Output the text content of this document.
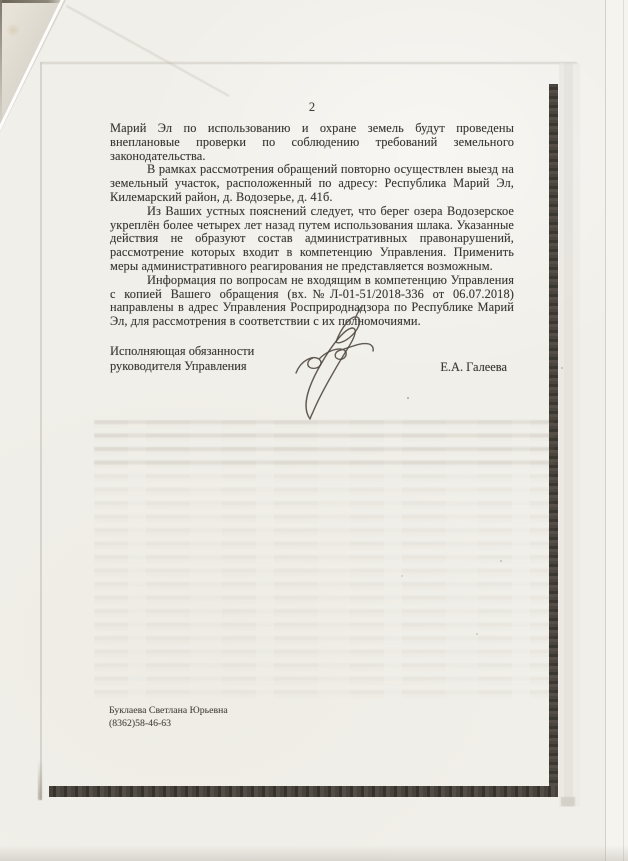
2

Марий Эл по использованию и охране земель будут проведены внеплановые проверки по соблюдению требований земельного законодательства.

В рамках рассмотрения обращений повторно осуществлен выезд на земельный участок, расположенный по адресу: Республика Марий Эл, Килемарский район, д. Водозерье, д. 41б.

Из Ваших устных пояснений следует, что берег озера Водозерское укреплён более четырех лет назад путем использования шлака. Указанные действия не образуют состав административных правонарушений, рассмотрение которых входит в компетенцию Управления. Применить меры административного реагирования не представляется возможным.

Информация по вопросам не входящим в компетенцию Управления с копией Вашего обращения (вх.№Л-01-51/2018-336 от 06.07.2018) направлены в адрес Управления Росприроднадзора по Республике Марий Эл, для рассмотрения в соответствии с их полномочиями.

Исполняющая обязанности
руководителя Управления	Е.А. Галеева
Буклаева Светлана Юрьевна
(8362)58-46-63
